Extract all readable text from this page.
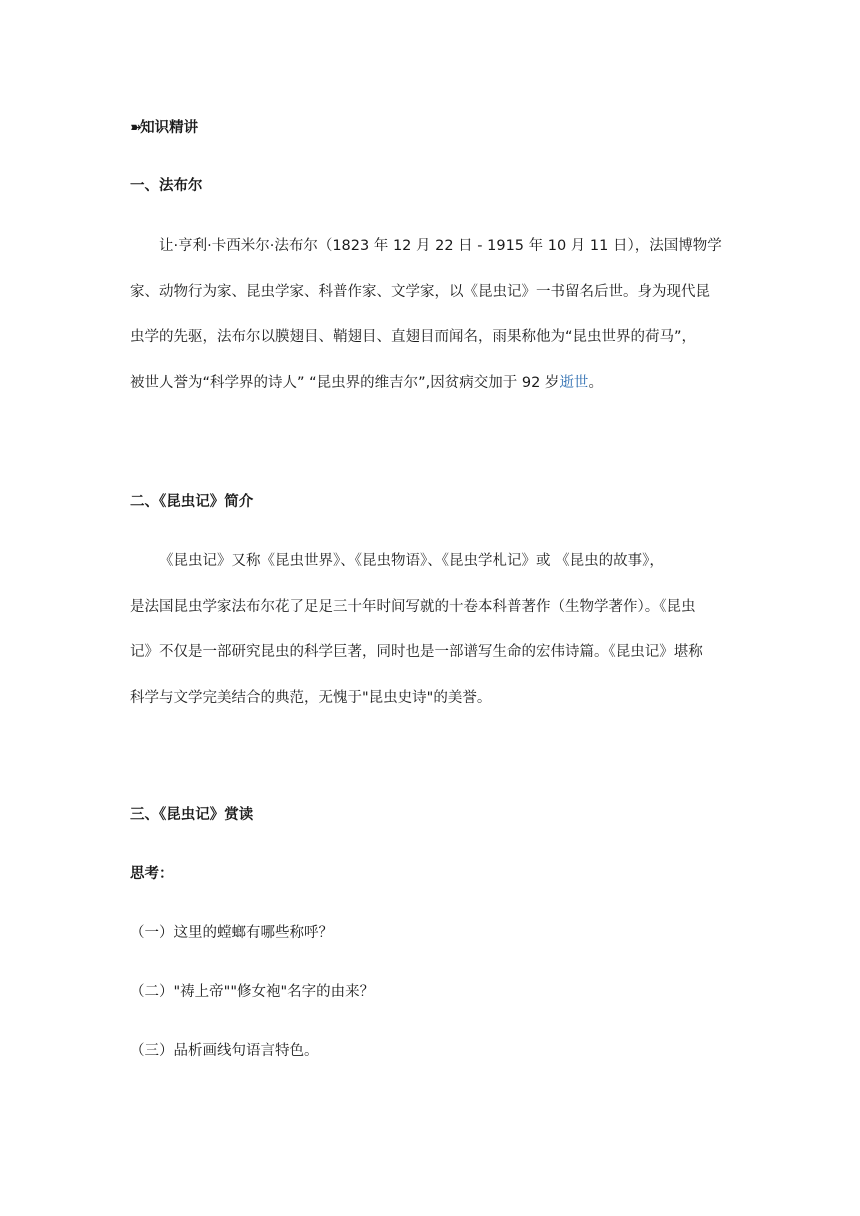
➽知识精讲
一、法布尔
让·亨利·卡西米尔·法布尔（1823 年 12 月 22 日 - 1915 年 10 月 11 日），法国博物学
家、动物行为家、昆虫学家、科普作家、文学家，以《昆虫记》一书留名后世。身为现代昆
虫学的先驱，法布尔以膜翅目、鞘翅目、直翅目而闻名，雨果称他为“昆虫世界的荷马”，
被世人誉为“科学界的诗人” “昆虫界的维吉尔”,因贫病交加于 92 岁逝世。
二、《昆虫记》简介
《昆虫记》又称《昆虫世界》、《昆虫物语》、《昆虫学札记》或 《昆虫的故事》，
是法国昆虫学家法布尔花了足足三十年时间写就的十卷本科普著作（生物学著作）。《昆虫
记》不仅是一部研究昆虫的科学巨著，同时也是一部谱写生命的宏伟诗篇。《昆虫记》堪称
科学与文学完美结合的典范，无愧于"昆虫史诗"的美誉。
三、《昆虫记》赏读
思考：
（一）这里的螳螂有哪些称呼？
（二）"祷上帝""修女袍"名字的由来？
（三）品析画线句语言特色。
